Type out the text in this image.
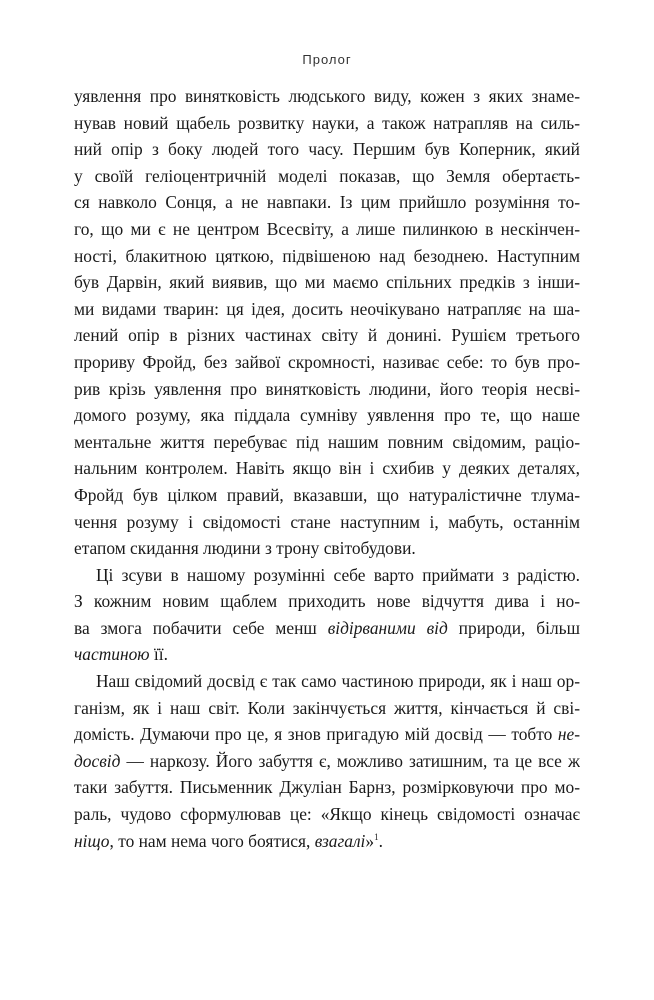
Пролог
уявлення про винятковість людського виду, кожен з яких знаме-
нував новий щабель розвитку науки, а також натрапляв на силь-
ний опір з боку людей того часу. Першим був Коперник, який
у своїй геліоцентричній моделі показав, що Земля обертаєть-
ся навколо Сонця, а не навпаки. Із цим прийшло розуміння то-
го, що ми є не центром Всесвіту, а лише пилинкою в нескінчен-
ності, блакитною цяткою, підвішеною над безоднею. Наступним
був Дарвін, який виявив, що ми маємо спільних предків з інши-
ми видами тварин: ця ідея, досить неочікувано натрапляє на ша-
лений опір в різних частинах світу й донині. Рушієм третього
прориву Фройд, без зайвої скромності, називає себе: то був про-
рив крізь уявлення про винятковість людини, його теорія несві-
домого розуму, яка піддала сумніву уявлення про те, що наше
ментальне життя перебуває під нашим повним свідомим, раціо-
нальним контролем. Навіть якщо він і схибив у деяких деталях,
Фройд був цілком правий, вказавши, що натуралістичне тлума-
чення розуму і свідомості стане наступним і, мабуть, останнім
етапом скидання людини з трону світобудови.
Ці зсуви в нашому розумінні себе варто приймати з радістю.
З кожним новим щаблем приходить нове відчуття дива і но-
ва змога побачити себе менш відірваними від природи, більш
частиною її.
Наш свідомий досвід є так само частиною природи, як і наш ор-
ганізм, як і наш світ. Коли закінчується життя, кінчається й сві-
домість. Думаючи про це, я знов пригадую мій досвід — тобто не-
досвід — наркозу. Його забуття є, можливо затишним, та це все ж
таки забуття. Письменник Джуліан Барнз, розмірковуючи про мо-
раль, чудово сформулював це: «Якщо кінець свідомості означає
ніщо, то нам нема чого боятися, взагалі»$^1$.
